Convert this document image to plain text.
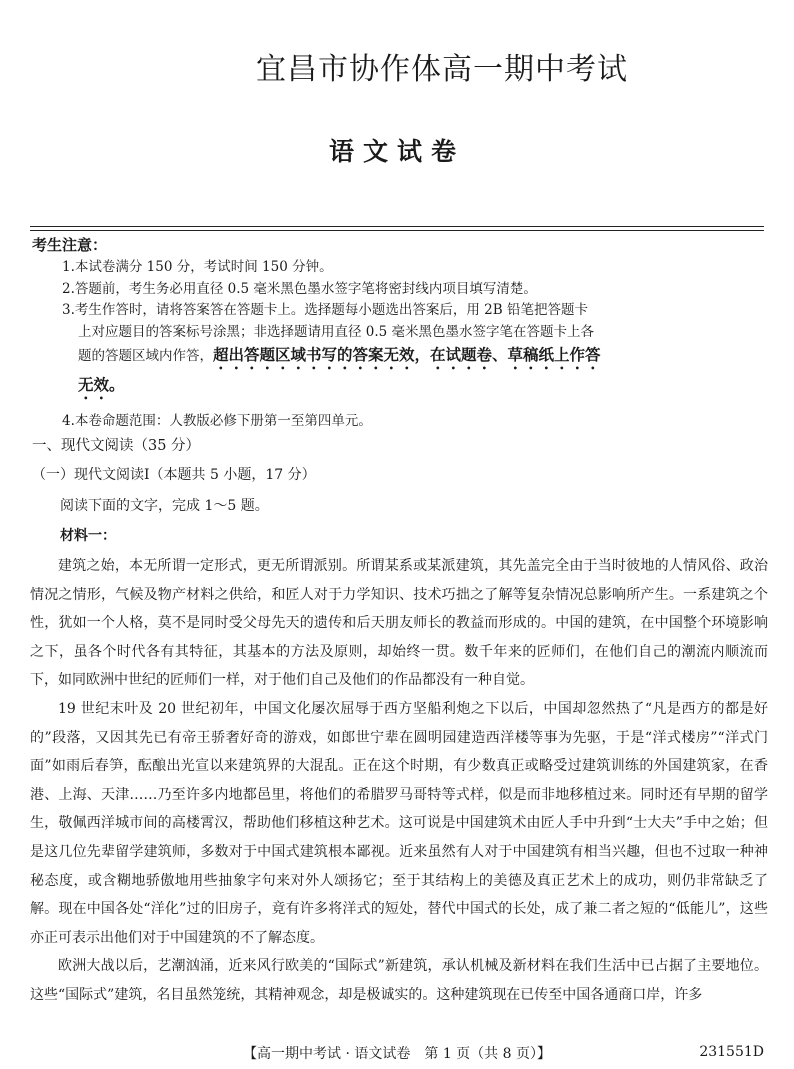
宜昌市协作体高一期中考试
语文试卷
考生注意：
1.本试卷满分 150 分，考试时间 150 分钟。
2.答题前，考生务必用直径 0.5 毫米黑色墨水签字笔将密封线内项目填写清楚。
3.考生作答时，请将答案答在答题卡上。选择题每小题选出答案后，用 2B 铅笔把答题卡
上对应题目的答案标号涂黑；非选择题请用直径 0.5 毫米黑色墨水签字笔在答题卡上各
题的答题区域内作答，超出答题区域书写的答案无效，在试题卷、草稿纸上作答
无效。
4.本卷命题范围：人教版必修下册第一至第四单元。
一、现代文阅读（35 分）
（一）现代文阅读Ⅰ（本题共 5 小题，17 分）
阅读下面的文字，完成 1～5 题。
材料一：

建筑之始，本无所谓一定形式，更无所谓派别。所谓某系或某派建筑，其先盖完全由于当时彼地的人情风俗、政治情况之情形，气候及物产材料之供给，和匠人对于力学知识、技术巧拙之了解等复杂情况总影响所产生。一系建筑之个性，犹如一个人格，莫不是同时受父母先天的遗传和后天朋友师长的教益而形成的。中国的建筑，在中国整个环境影响之下，虽各个时代各有其特征，其基本的方法及原则，却始终一贯。数千年来的匠师们，在他们自己的潮流内顺流而下，如同欧洲中世纪的匠师们一样，对于他们自己及他们的作品都没有一种自觉。

19 世纪末叶及 20 世纪初年，中国文化屡次屈辱于西方坚船利炮之下以后，中国却忽然热了“凡是西方的都是好的”段落，又因其先已有帝王骄奢好奇的游戏，如郎世宁辈在圆明园建造西洋楼等事为先驱，于是“洋式楼房”“洋式门面”如雨后春笋，酝酿出光宣以来建筑界的大混乱。正在这个时期，有少数真正或略受过建筑训练的外国建筑家，在香港、上海、天津……乃至许多内地都邑里，将他们的希腊罗马哥特等式样，似是而非地移植过来。同时还有早期的留学生，敬佩西洋城市间的高楼霄汉，帮助他们移植这种艺术。这可说是中国建筑术由匠人手中升到“士大夫”手中之始；但是这几位先辈留学建筑师，多数对于中国式建筑根本鄙视。近来虽然有人对于中国建筑有相当兴趣，但也不过取一种神秘态度，或含糊地骄傲地用些抽象字句来对外人颂扬它；至于其结构上的美德及真正艺术上的成功，则仍非常缺乏了解。现在中国各处“洋化”过的旧房子，竟有许多将洋式的短处，替代中国式的长处，成了兼二者之短的“低能儿”，这些亦正可表示出他们对于中国建筑的不了解态度。

欧洲大战以后，艺潮汹涌，近来风行欧美的“国际式”新建筑，承认机械及新材料在我们生活中已占据了主要地位。这些“国际式”建筑，名目虽然笼统，其精神观念，却是极诚实的。这种建筑现在已传至中国各通商口岸，许多

【高一期中考试 · 语文试卷　第 1 页（共 8 页）】	231551D
